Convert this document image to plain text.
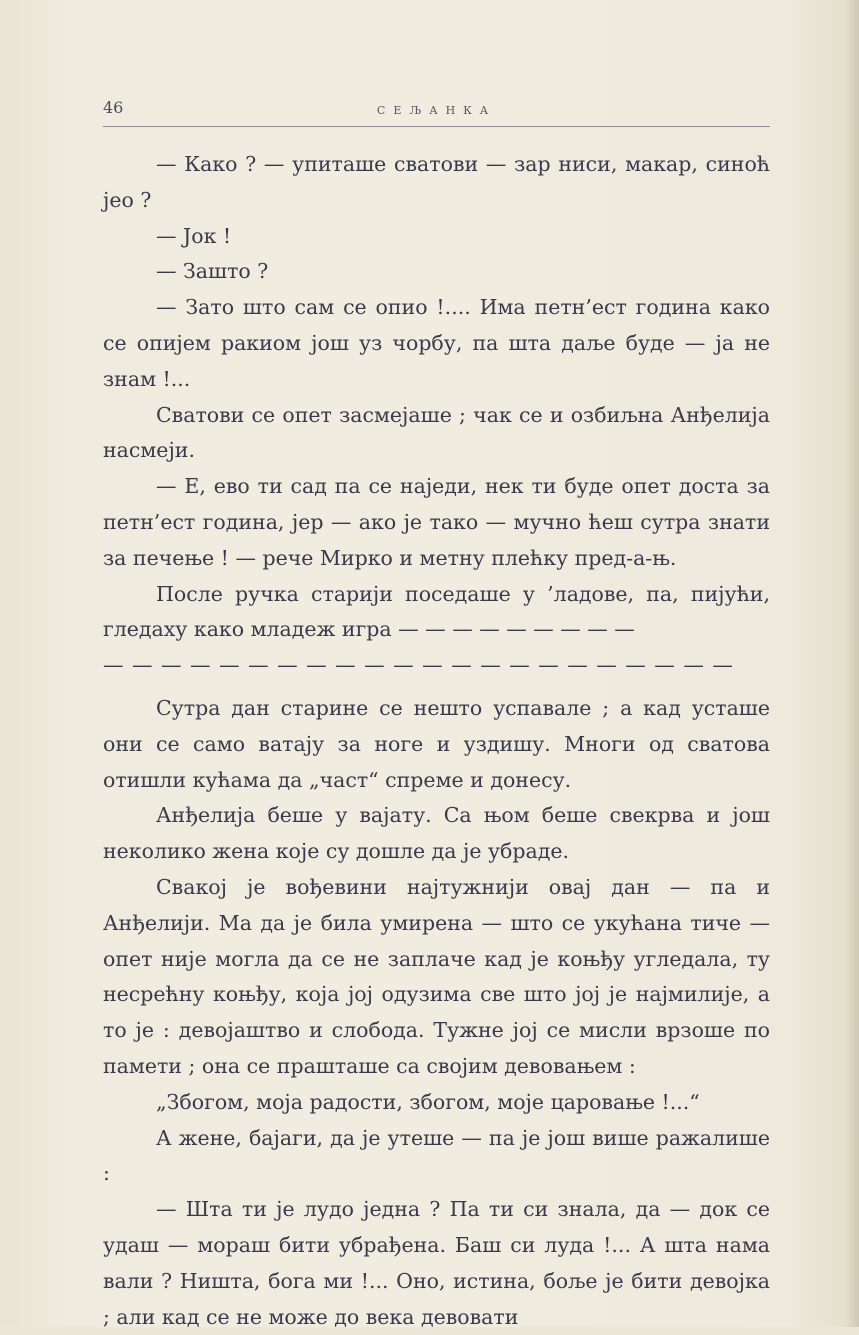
46	СЕЉАНКА

— Како ? — упиташе сватови — зар ниси, макар, синоћ јео ?

— Јок !

— Зашто ?

— Зато што сам се опио !.... Има петн’ест година како се опијем ракиом још уз чорбу, па шта даље буде — ја не знам !...

Сватови се опет засмејаше ; чак се и озбиљна Анђелија насмеји.

— Е, ево ти сад па се наједи, нек ти буде опет доста за петн’ест година, јер — ако је тако — мучно ћеш сутра знати за печење ! — рече Мирко и метну плећку пред-а-њ.

После ручка старији поседаше у ’ладове, па, пијући, гледаху како младеж игра — — — — — — — — —

— — — — — — — — — — — — — — — — — — — — — —

Сутра дан старине се нешто успавале ; а кад усташе они се само ватају за ноге и уздишу. Многи од сватова отишли кућама да „част“ спреме и донесу.

Анђелија беше у вајату. Са њом беше свекрва и још неколико жена које су дошле да је убраде.

Свакој је вођевини најтужнији овај дан — па и Анђелији. Ма да је била умирена — што се укућана тиче — опет није могла да се не заплаче кад је коњђу угледала, ту несрећну коњђу, која јој одузима све што јој је најмилије, а то је : девојаштво и слобода. Тужне јој се мисли врзоше по памети ; она се прашташе са својим девовањем :

„Збогом, моја радости, збогом, моје царовање !...“

А жене, бајаги, да је утеше — па је још више ражалише :

— Шта ти је лудо једна ? Па ти си знала, да — док се удаш — мораш бити убрађена. Баш си луда !... А шта нама вали ? Ништа, бога ми !... Оно, истина, боље је бити девојка ; али кад се не може до века девовати
